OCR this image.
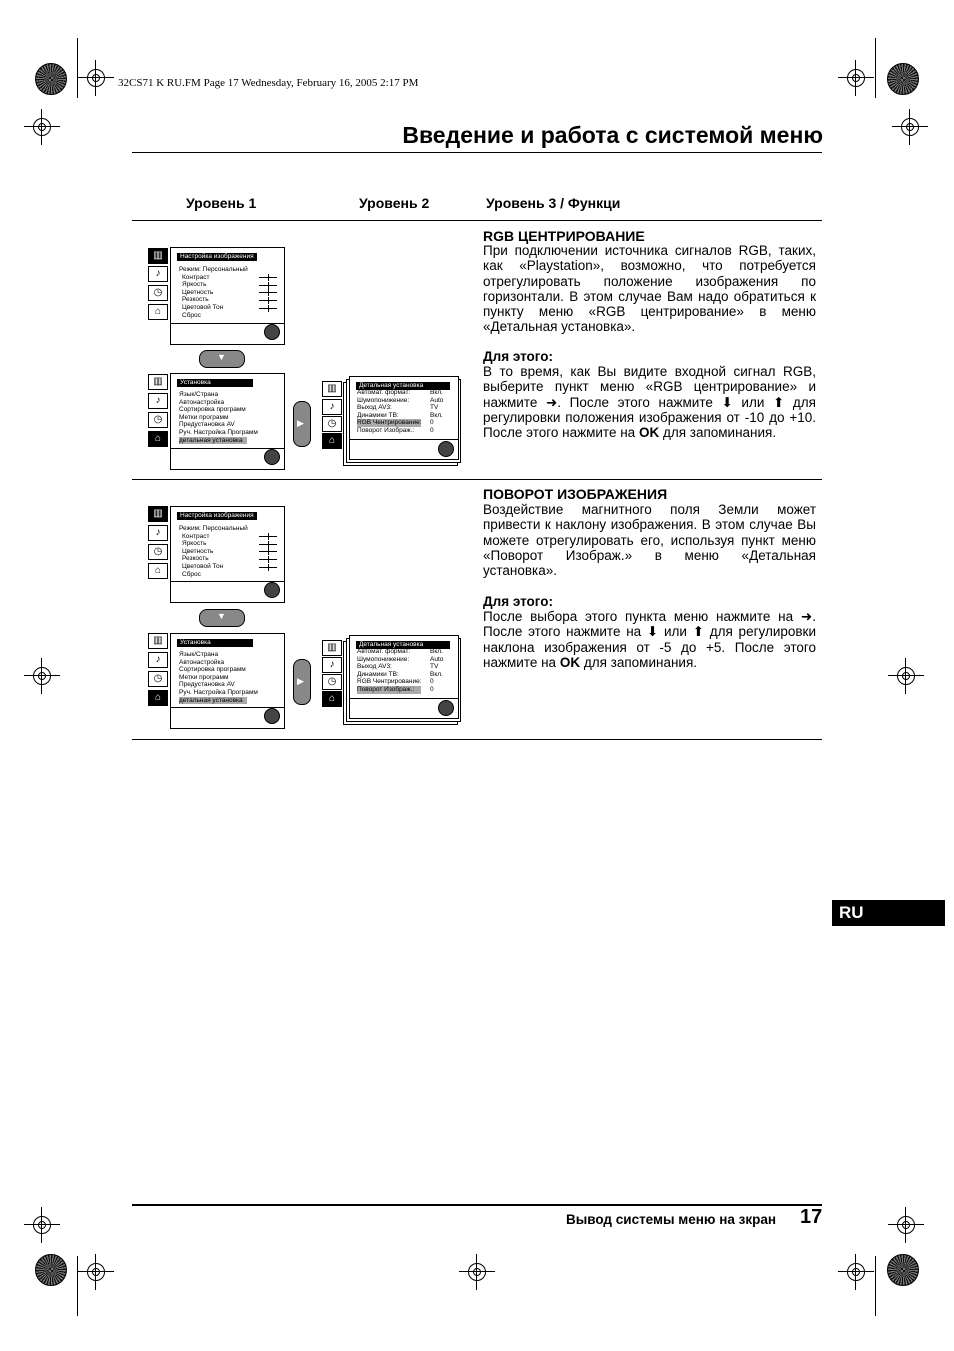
32CS71 K RU.FM Page 17 Wednesday, February 16, 2005 2:17 PM
Введение и работа с системой меню
Уровень 1	Уровень 2	Уровень 3 / Функци
▥
♪
◷
⌂
Настройка изображения
Режим: Персональный
Контраст
Яркость
Цветность
Резкость
Цветовой Тон
Сброс
▼
▥
♪
◷
⌂
Установка
Язык/Страна
Автонастройка
Сортировка программ
Метки программ
Предустановка AV
Руч. Настройка Программ
детальная установка
▶
▥
♪
◷
⌂
Детальная установка
Автомат. формат:
Шумопонижение:
Выход AV3:
Динамики TB:
RGB Чентрирование:
Поворот Изображ.:
Вкл.
Auto
TV
Вкл.
0
0
RGB ЦЕНТРИРОВАНИЕ
При подключении источника сигналов RGB, таких, как «Playstation», возможно, что потребуется отрегулировать положение изображения по горизонтали. В этом случае Вам надо обратиться к пункту меню «RGB центрирование» в меню «Детальная установка».
Для этого:
В то время, как Вы видите входной сигнал RGB, выберите пункт меню «RGB центрирование» и нажмите ➜. После этого нажмите ⬇ или ⬆ для регулировки положения изображения от -10 до +10. После этого нажмите на OK для запоминания.
▥
♪
◷
⌂
Настройка изображения
Режим: Персональный
Контраст
Яркость
Цветность
Резкость
Цветовой Тон
Сброс
▼
▥
♪
◷
⌂
Установка
Язык/Страна
Автонастройка
Сортировка программ
Метки программ
Предустановка AV
Руч. Настройка Программ
детальная установка
▶
▥
♪
◷
⌂
Детальная установка
Автомат. формат:
Шумопонижение:
Выход AV3:
Динамики TB:
RGB Чентрирование:
Поворот Изображ.:
Вкл.
Auto
TV
Вкл.
0
0
ПОВОРОТ ИЗОБРАЖЕНИЯ
Воздействие магнитного поля Земли может привести к наклону изображения. В этом случае Вы можете отрегулировать его, используя пункт меню «Поворот Изображ.» в меню «Детальная установка».
Для этого:
После выбора этого пункта меню нажмите на ➜. После этого нажмите на ⬇ или ⬆ для регулировки наклона изображения от -5 до +5. После этого нажмите на OK для запоминания.
RU
Вывод системы меню на зкран 17
